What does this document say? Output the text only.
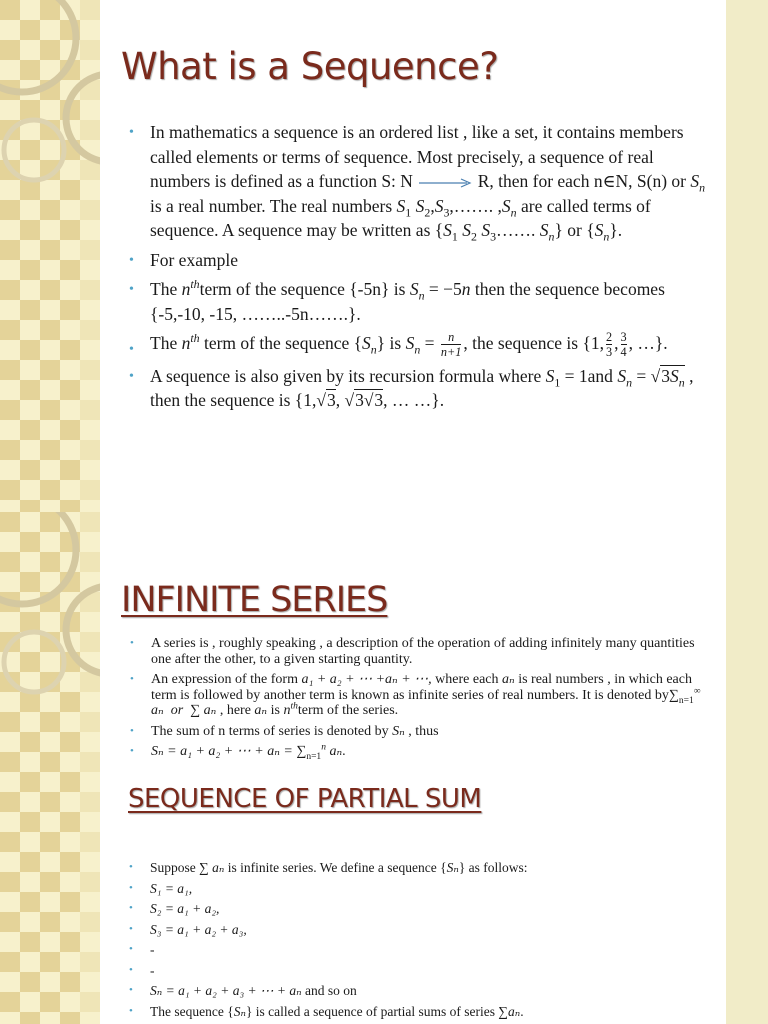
What is a Sequence?
• In mathematics a sequence is an ordered list , like a set, it contains members called elements or terms of sequence. Most precisely, a sequence of real numbers is defined as a function S: N	R, then for each n∈N, S(n) or $S_n$ is a real number. The real numbers $S_1$ $S_2,S_3,\dots\dots$. $,S_n$ are called terms of sequence. A sequence may be written as {$S_1$ $S_2$ $S_3\dots\dots$. $S_n$} or $\{S_n\}$.
• For example
• The $n^{th}term$ of the sequence {-5n} is $S_n = -5n$ then the sequence becomes {-5,-10, -15, ……..-5n…….}.
• The $n^{th}$ term of the sequence $\{S_n\}$ is $S_n = \frac{n}{n+1}$ , the sequence is {1, $\frac{2}{3}$ , $\frac{3}{4}$ , …}.
• A sequence is also given by its recursion formula where $S_1 = 1and$ $S_n = √3S_n$ , then the sequence is {1,√3, √3√3, … …}.
INFINITE SERIES
• A series is , roughly speaking , a description of the operation of adding infinitely many quantities one after the other, to a given starting quantity.
• An expression of the form a₁ + a₂ + ⋯ +aₙ + ⋯, where each aₙ is real numbers , in which each term is followed by another term is known as infinite series of real numbers. It is denoted $by\sum_{n=1}^\infty$ aₙ or ∑ aₙ , here aₙ is $n^{th}term$ of the series.
• The sum of n terms of series is denoted by Sₙ , thus
• Sₙ = a₁ + a₂ + ⋯ + $a_n = \sum_{n=1}^n$ aₙ.
SEQUENCE OF PARTIAL SUM
• Suppose ∑ aₙ is infinite series. We define a sequence {Sₙ} as follows:
• S₁ = a₁,
• S₂ = a₁ + a₂,
• S₃ = a₁ + a₂ + a₃,
• -
• -
• Sₙ = a₁ + a₂ + a₃ + ⋯ + aₙ and so on
• The sequence {Sₙ} is called a sequence of partial sums of series ∑aₙ.
